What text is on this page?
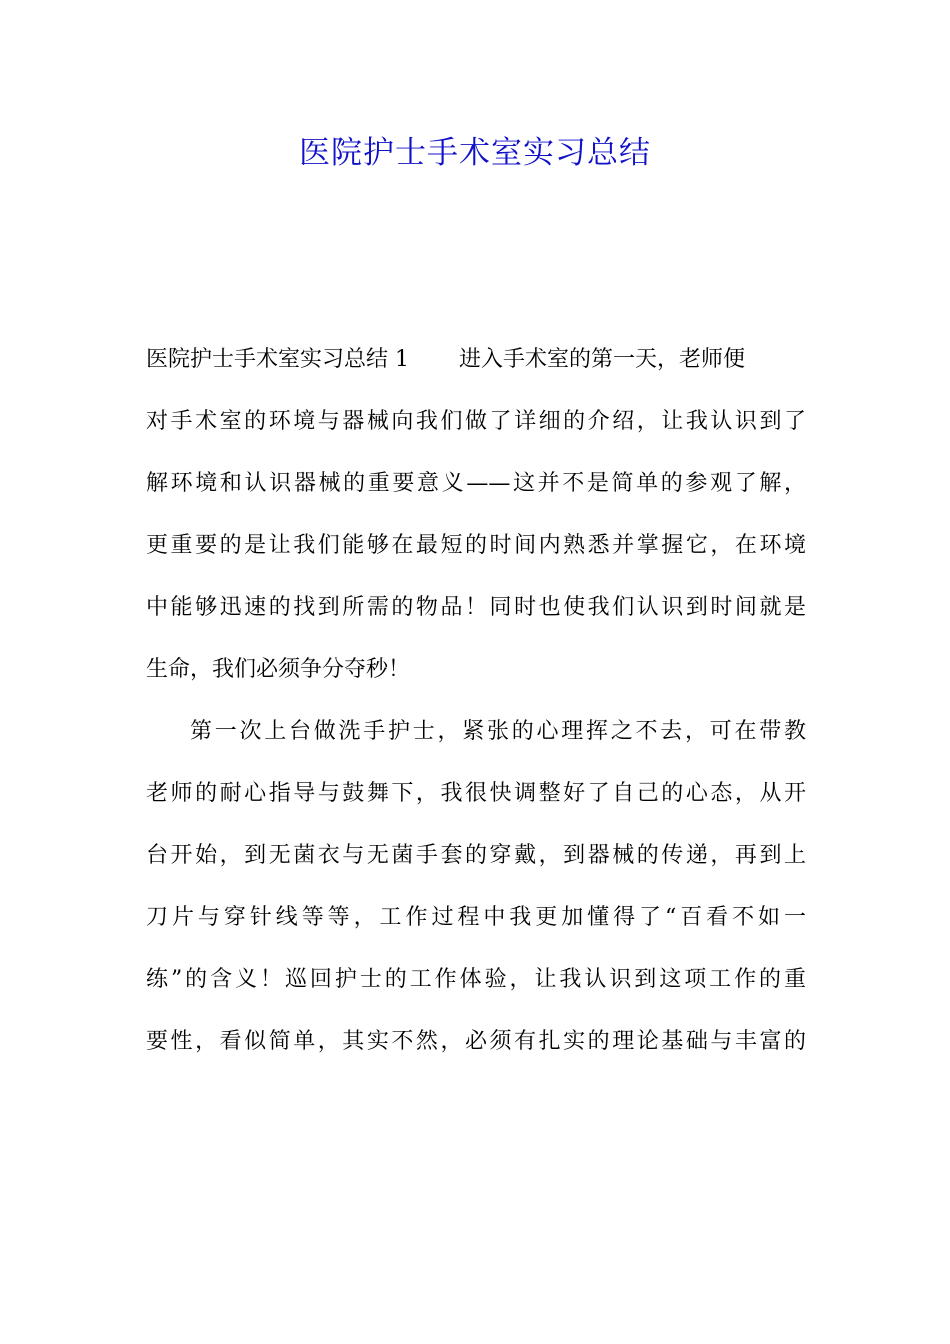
医院护士手术室实习总结
医院护士手术室实习总结 1 进入手术室的第一天，老师便
对手术室的环境与器械向我们做了详细的介绍，让我认识到了
解环境和认识器械的重要意义——这并不是简单的参观了解，
更重要的是让我们能够在最短的时间内熟悉并掌握它，在环境
中能够迅速的找到所需的物品！同时也使我们认识到时间就是
生命，我们必须争分夺秒！
第一次上台做洗手护士，紧张的心理挥之不去，可在带教
老师的耐心指导与鼓舞下，我很快调整好了自己的心态，从开
台开始，到无菌衣与无菌手套的穿戴，到器械的传递，再到上
刀片与穿针线等等，工作过程中我更加懂得了“百看不如一
练”的含义！巡回护士的工作体验，让我认识到这项工作的重
要性，看似简单，其实不然，必须有扎实的理论基础与丰富的
